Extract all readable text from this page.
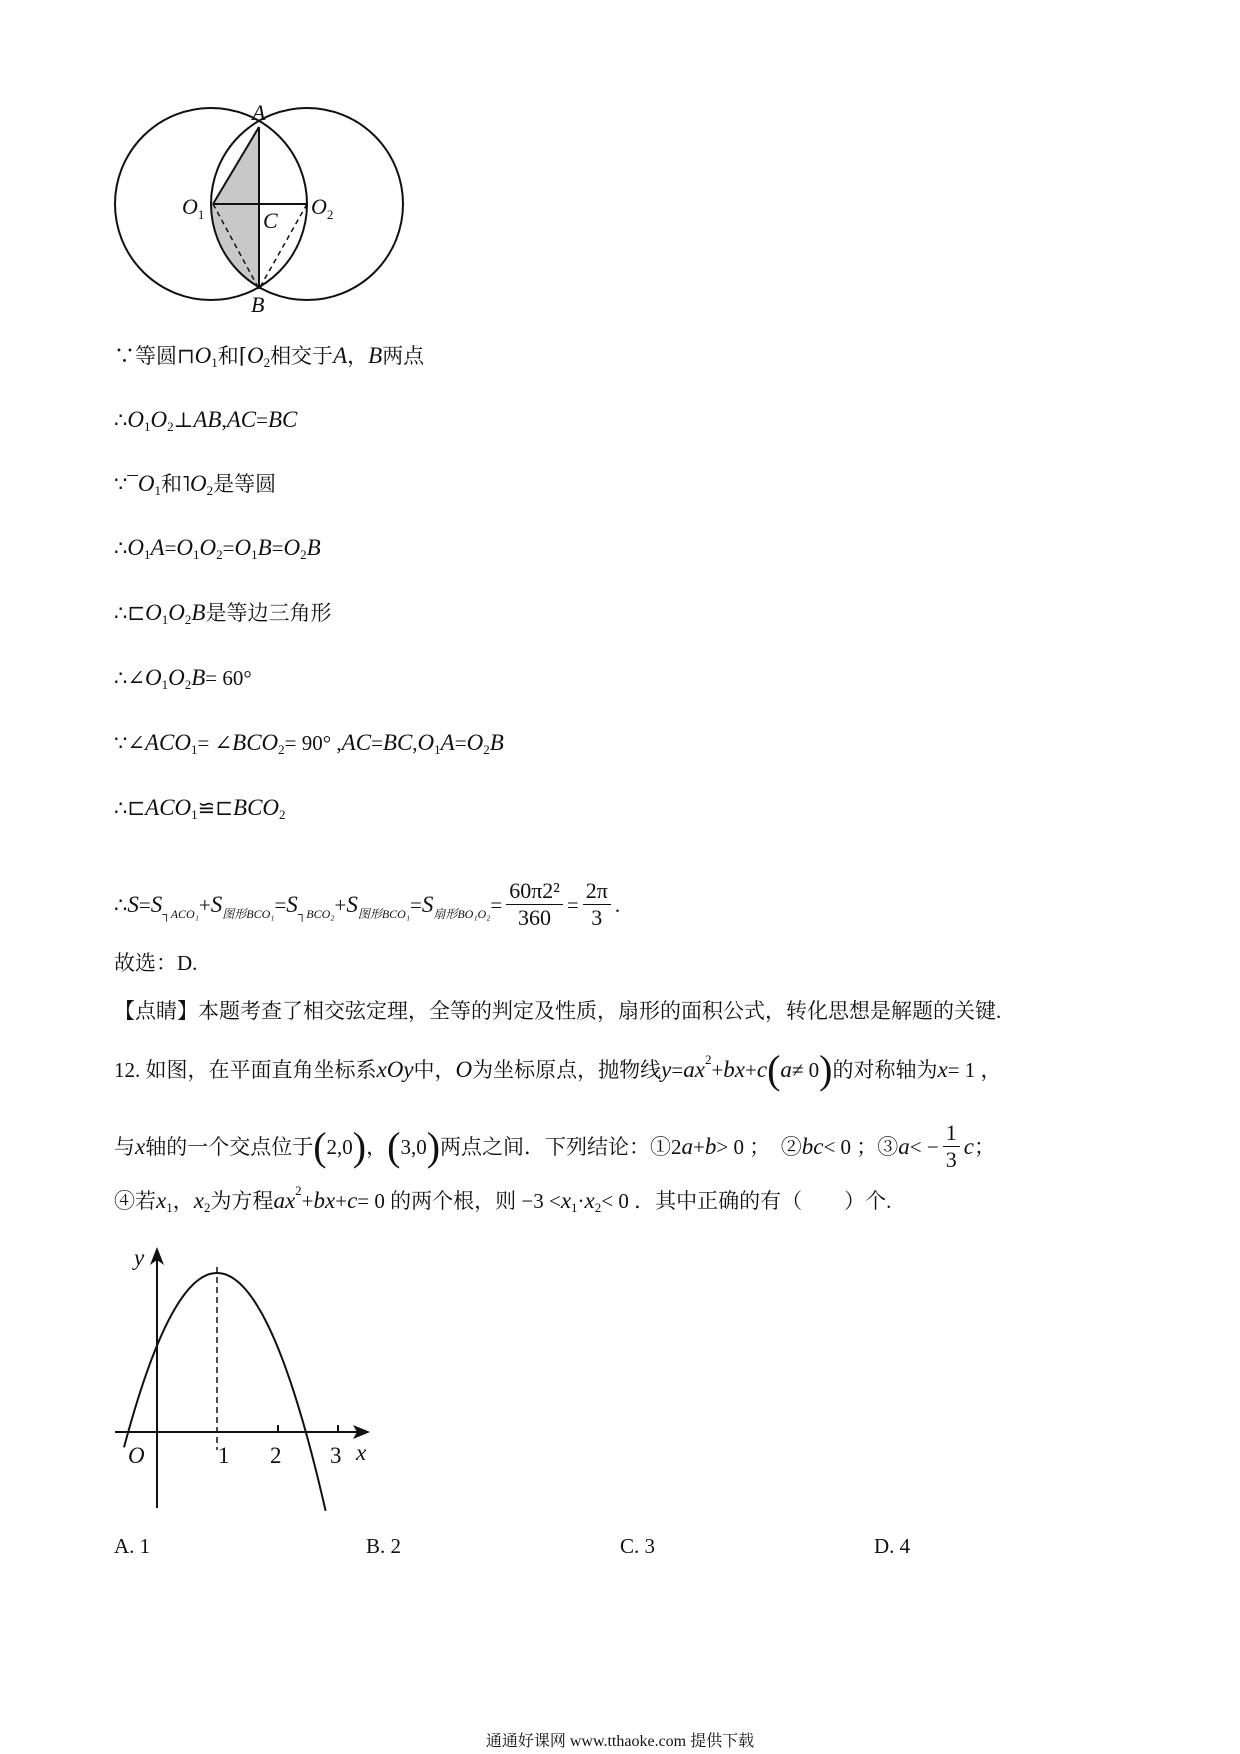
A
B
C
$O_1$	$O_2$
∵等圆⊓ O 1 和⌈ O 2 相交于 A ， B 两点
∴ O 1 O 2 ⊥ AB , AC = BC
∵¯ O 1 和˥ O 2 是等圆
∴ O 1 A = O 1 O 2 = O 1 B = O 2 B
∴⊏ O 1 O 2 B 是等边三角形
∴∠ O 1 O 2 B = 60°
∵∠ ACO 1 = ∠ BCO 2 = 90° , AC = BC , O 1 A = O 2 B
∴⊏ ACO 1 ≌⊏ BCO 2
∴ S = S ┐ACO₁ + S 图形BCO₁ = S ┐BCO₂ + S 图形BCO₁ = S 扇形$BO_1O_2 = \frac{\text{60π2²}}{360} = \frac{2\pi}{3}$ .
故选：D.
【点睛】本题考查了相交弦定理，全等的判定及性质，扇形的面积公式，转化思想是解题的关键.
12. 如图，在平面直角坐标系 xOy 中， O 为坐标原点，抛物线 y = ax 2 + bx + c ( a ≠ 0 ) 的对称轴为 x = 1 ，
与 x 轴的一个交点位于 ( 2,0 ) ， ( 3,0 ) 两点之间．下列结论：①2 a + b > 0 ；　② bc < 0 ；③ a < − $\frac{1}{3}$ c ；
④若 x 1 ， x 2 为方程 ax 2 + bx + c = 0 的两个根，则 −3 < x 1 · x 2 < 0 ．其中正确的有（　　）个.
y
x
O	1 2 3
A. 1	B. 2	C. 3	D. 4
通通好课网 www.tthaoke.com 提供下载
